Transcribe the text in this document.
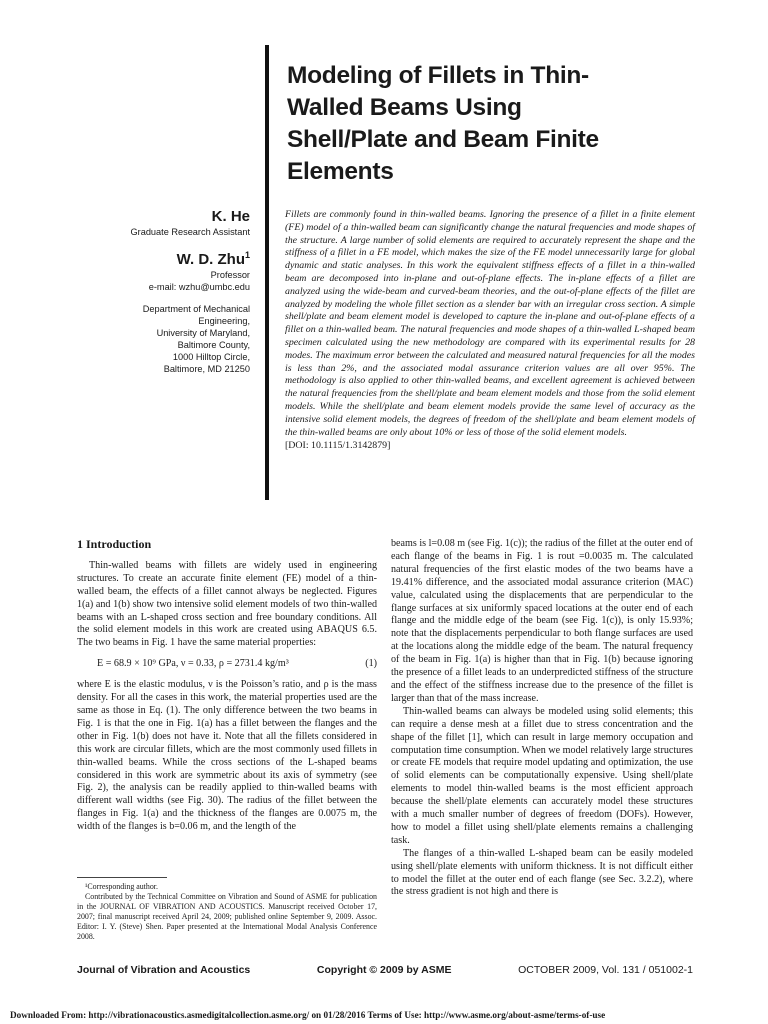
Modeling of Fillets in Thin-Walled Beams Using Shell/Plate and Beam Finite Elements
K. He
Graduate Research Assistant
W. D. Zhu$^1$
Professor
e-mail: wzhu@umbc.edu
Department of Mechanical Engineering,
University of Maryland,
Baltimore County,
1000 Hilltop Circle,
Baltimore, MD 21250
Fillets are commonly found in thin-walled beams. Ignoring the presence of a fillet in a finite element (FE) model of a thin-walled beam can significantly change the natural frequencies and mode shapes of the structure. A large number of solid elements are required to accurately represent the shape and the stiffness of a fillet in a FE model, which makes the size of the FE model unnecessarily large for global dynamic and static analyses. In this work the equivalent stiffness effects of a fillet in a thin-walled beam are decomposed into in-plane and out-of-plane effects. The in-plane effects of a fillet are analyzed using the wide-beam and curved-beam theories, and the out-of-plane effects of the fillet are analyzed by modeling the whole fillet section as a slender bar with an irregular cross section. A simple shell/plate and beam element model is developed to capture the in-plane and out-of-plane effects of a fillet on a thin-walled beam. The natural frequencies and mode shapes of a thin-walled L-shaped beam specimen calculated using the new methodology are compared with its experimental results for 28 modes. The maximum error between the calculated and measured natural frequencies for all the modes is less than 2%, and the associated modal assurance criterion values are all over 95%. The methodology is also applied to other thin-walled beams, and excellent agreement is achieved between the natural frequencies from the shell/plate and beam element models and those from the solid element models. While the shell/plate and beam element models provide the same level of accuracy as the intensive solid element models, the degrees of freedom of the shell/plate and beam element models of the thin-walled beams are only about 10% or less of those of the solid element models.
[DOI: 10.1115/1.3142879]
1 Introduction

Thin-walled beams with fillets are widely used in engineering structures. To create an accurate finite element (FE) model of a thin-walled beam, the effects of a fillet cannot always be neglected. Figures 1(a) and 1(b) show two intensive solid element models of two thin-walled beams with an L-shaped cross section and free boundary conditions. All the solid element models in this work are created using ABAQUS 6.5. The two beams in Fig. 1 have the same material properties:

E = 68.9 × 10⁹ GPa, ν = 0.33, ρ = 2731.4 kg/m³	(1)

where E is the elastic modulus, ν is the Poisson’s ratio, and ρ is the mass density. For all the cases in this work, the material properties used are the same as those in Eq. (1). The only difference between the two beams in Fig. 1 is that the one in Fig. 1(a) has a fillet between the flanges and the other in Fig. 1(b) does not have it. Note that all the fillets considered in this work are circular fillets, which are the most commonly used fillets in thin-walled beams. While the cross sections of the L-shaped beams considered in this work are symmetric about its axis of symmetry (see Fig. 2), the analysis can be readily applied to thin-walled beams with different wall widths (see Fig. 30). The radius of the fillet between the flanges in Fig. 1(a) and the thickness of the flanges are 0.0075 m, the width of the flanges is b=0.06 m, and the length of the

beams is l=0.08 m (see Fig. 1(c)); the radius of the fillet at the outer end of each flange of the beams in Fig. 1 is rout =0.0035 m. The calculated natural frequencies of the first elastic modes of the two beams have a 19.41% difference, and the associated modal assurance criterion (MAC) value, calculated using the displacements that are perpendicular to the flange surfaces at six uniformly spaced locations at the outer end of each flange and the middle edge of the beam (see Fig. 1(c)), is only 15.93%; note that the displacements perpendicular to both flange surfaces are used at the locations along the middle edge of the beam. The natural frequency of the beam in Fig. 1(a) is higher than that in Fig. 1(b) because ignoring the presence of a fillet leads to an underpredicted stiffness of the structure and the effect of the stiffness increase due to the presence of the fillet is larger than that of the mass increase.

Thin-walled beams can always be modeled using solid elements; this can require a dense mesh at a fillet due to stress concentration and the shape of the fillet [1], which can result in large memory occupation and computation time consumption. When we model relatively large structures or create FE models that require model updating and optimization, the use of solid elements can be computationally expensive. Using shell/plate elements to model thin-walled beams is the most efficient approach because the shell/plate elements can accurately model these structures with a much smaller number of degrees of freedom (DOFs). However, how to model a fillet using shell/plate elements remains a challenging task.

The flanges of a thin-walled L-shaped beam can be easily modeled using shell/plate elements with uniform thickness. It is not difficult either to model the fillet at the outer end of each flange (see Sec. 3.2.2), where the stress gradient is not high and there is

¹Corresponding author.

Contributed by the Technical Committee on Vibration and Sound of ASME for publication in the JOURNAL OF VIBRATION AND ACOUSTICS. Manuscript received October 17, 2007; final manuscript received April 24, 2009; published online September 9, 2009. Assoc. Editor: I. Y. (Steve) Shen. Paper presented at the International Modal Analysis Conference 2008.

Journal of Vibration and Acoustics	Copyright © 2009 by ASME	OCTOBER 2009, Vol. 131 / 051002-1
Downloaded From: http://vibrationacoustics.asmedigitalcollection.asme.org/ on 01/28/2016 Terms of Use: http://www.asme.org/about-asme/terms-of-use
